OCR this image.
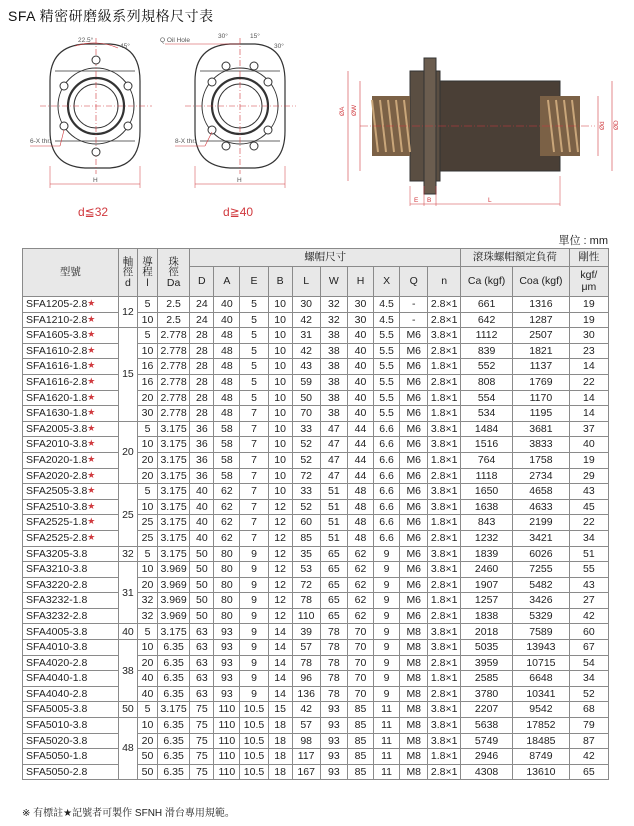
SFA 精密研磨級系列規格尺寸表
22.5°
45°
6-X thr.
H
d≦32
Q Oil Hole
30°	15°
30°
8-X thr.
H
d≧40
ØA ØW
Ød ØD
E B	L
單位 : mm
型號	軸徑d	導程l	珠徑Da	螺帽尺寸										滾珠螺帽額定負荷		剛性
				D	A	E	B	L	W	H	X	Q	n	Ca (kgf)	Coa (kgf)	kgf/μm
SFA1205-2.8★	12	5	2.5	24	40	5	10	30	32	30	4.5	-	2.8×1	661	1316	19
SFA1210-2.8★		10	2.5	24	40	5	10	42	32	30	4.5	-	2.8×1	642	1287	19
SFA1605-3.8★	15	5	2.778	28	48	5	10	31	38	40	5.5	M6	3.8×1	1112	2507	30
SFA1610-2.8★		10	2.778	28	48	5	10	42	38	40	5.5	M6	2.8×1	839	1821	23
SFA1616-1.8★		16	2.778	28	48	5	10	43	38	40	5.5	M6	1.8×1	552	1137	14
SFA1616-2.8★		16	2.778	28	48	5	10	59	38	40	5.5	M6	2.8×1	808	1769	22
SFA1620-1.8★		20	2.778	28	48	5	10	50	38	40	5.5	M6	1.8×1	554	1170	14
SFA1630-1.8★		30	2.778	28	48	7	10	70	38	40	5.5	M6	1.8×1	534	1195	14
SFA2005-3.8★	20	5	3.175	36	58	7	10	33	47	44	6.6	M6	3.8×1	1484	3681	37
SFA2010-3.8★		10	3.175	36	58	7	10	52	47	44	6.6	M6	3.8×1	1516	3833	40
SFA2020-1.8★		20	3.175	36	58	7	10	52	47	44	6.6	M6	1.8×1	764	1758	19
SFA2020-2.8★		20	3.175	36	58	7	10	72	47	44	6.6	M6	2.8×1	1118	2734	29
SFA2505-3.8★	25	5	3.175	40	62	7	10	33	51	48	6.6	M6	3.8×1	1650	4658	43
SFA2510-3.8★		10	3.175	40	62	7	12	52	51	48	6.6	M6	3.8×1	1638	4633	45
SFA2525-1.8★		25	3.175	40	62	7	12	60	51	48	6.6	M6	1.8×1	843	2199	22
SFA2525-2.8★		25	3.175	40	62	7	12	85	51	48	6.6	M6	2.8×1	1232	3421	34
SFA3205-3.8	32	5	3.175	50	80	9	12	35	65	62	9	M6	3.8×1	1839	6026	51
SFA3210-3.8	31	10	3.969	50	80	9	12	53	65	62	9	M6	3.8×1	2460	7255	55
SFA3220-2.8		20	3.969	50	80	9	12	72	65	62	9	M6	2.8×1	1907	5482	43
SFA3232-1.8		32	3.969	50	80	9	12	78	65	62	9	M6	1.8×1	1257	3426	27
SFA3232-2.8		32	3.969	50	80	9	12	110	65	62	9	M6	2.8×1	1838	5329	42
SFA4005-3.8	40	5	3.175	63	93	9	14	39	78	70	9	M8	3.8×1	2018	7589	60
SFA4010-3.8	38	10	6.35	63	93	9	14	57	78	70	9	M8	3.8×1	5035	13943	67
SFA4020-2.8		20	6.35	63	93	9	14	78	78	70	9	M8	2.8×1	3959	10715	54
SFA4040-1.8		40	6.35	63	93	9	14	96	78	70	9	M8	1.8×1	2585	6648	34
SFA4040-2.8		40	6.35	63	93	9	14	136	78	70	9	M8	2.8×1	3780	10341	52
SFA5005-3.8	50	5	3.175	75	110	10.5	15	42	93	85	11	M8	3.8×1	2207	9542	68
SFA5010-3.8	48	10	6.35	75	110	10.5	18	57	93	85	11	M8	3.8×1	5638	17852	79
SFA5020-3.8		20	6.35	75	110	10.5	18	98	93	85	11	M8	3.8×1	5749	18485	87
SFA5050-1.8		50	6.35	75	110	10.5	18	117	93	85	11	M8	1.8×1	2946	8749	42
SFA5050-2.8		50	6.35	75	110	10.5	18	167	93	85	11	M8	2.8×1	4308	13610	65
※ 有標註★記號者可製作 SFNH 滑台專用規範。
